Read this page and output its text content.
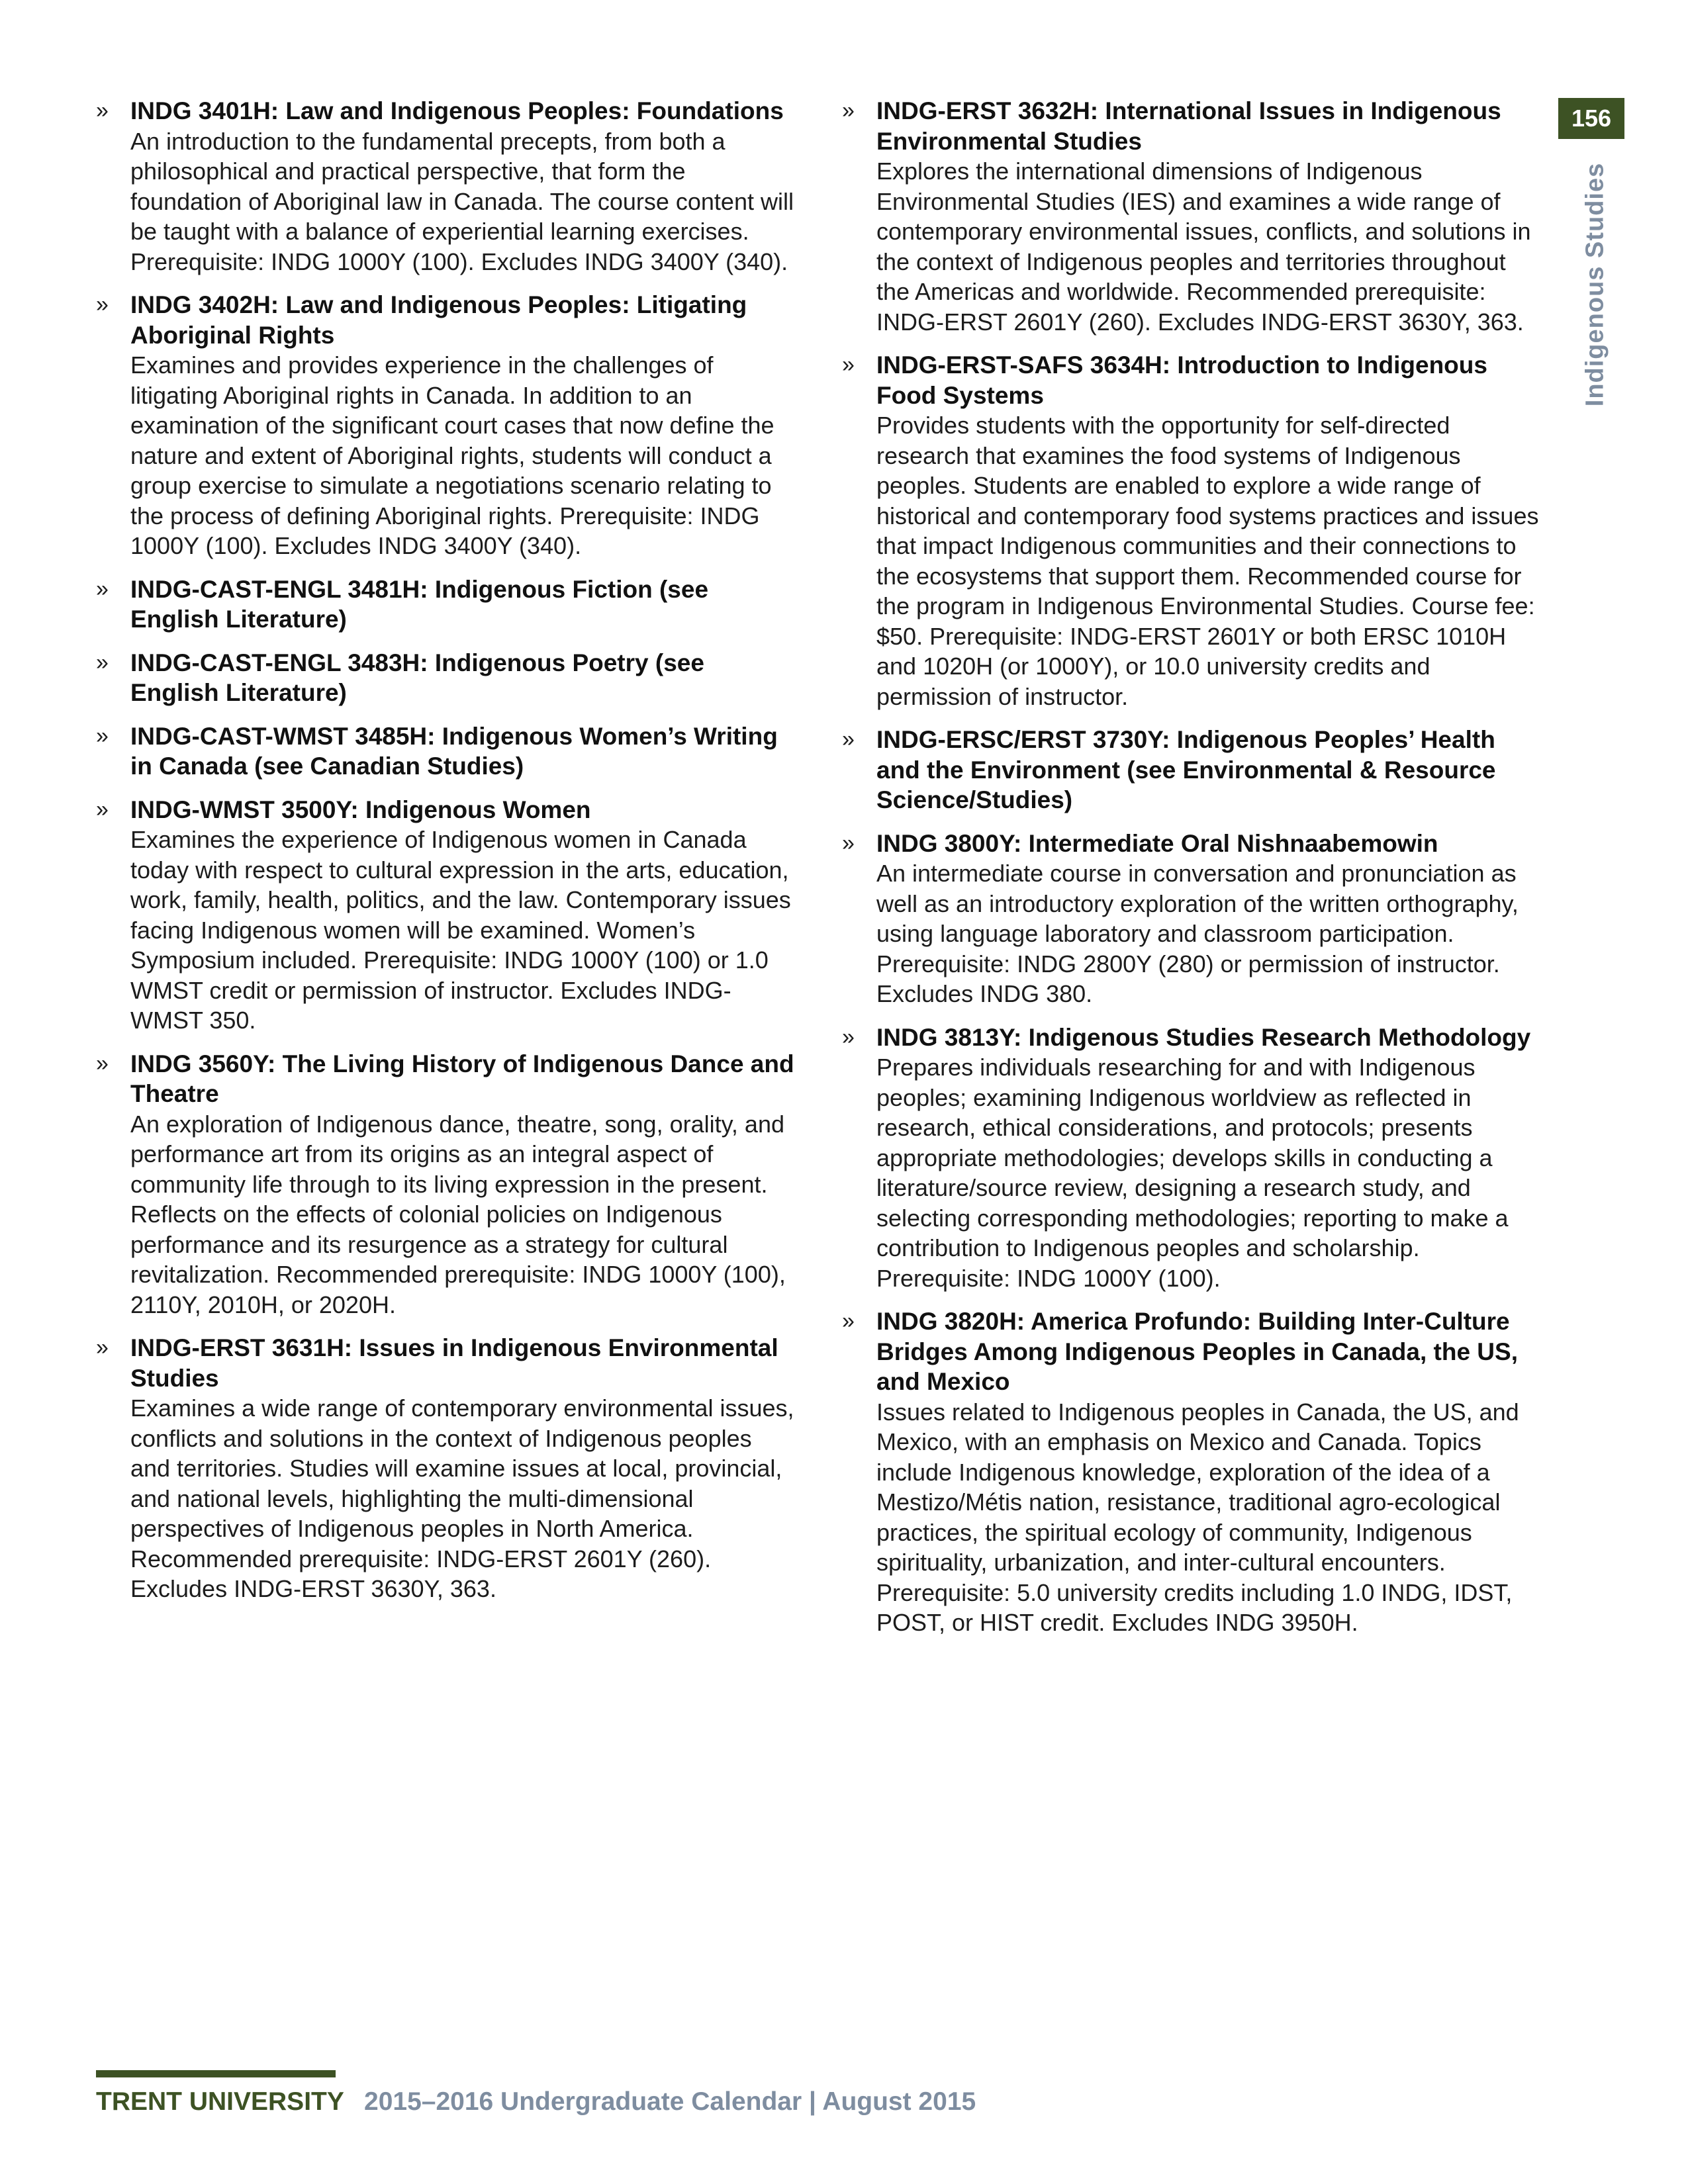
» INDG 3401H: Law and Indigenous Peoples: Foundations
An introduction to the fundamental precepts, from both a philosophical and practical perspective, that form the foundation of Aboriginal law in Canada. The course content will be taught with a balance of experiential learning exercises. Prerequisite: INDG 1000Y (100). Excludes INDG 3400Y (340).
» INDG 3402H: Law and Indigenous Peoples: Litigating Aboriginal Rights
Examines and provides experience in the challenges of litigating Aboriginal rights in Canada. In addition to an examination of the significant court cases that now define the nature and extent of Aboriginal rights, students will conduct a group exercise to simulate a negotiations scenario relating to the process of defining Aboriginal rights. Prerequisite: INDG 1000Y (100). Excludes INDG 3400Y (340).
» INDG-CAST-ENGL 3481H: Indigenous Fiction (see English Literature)
» INDG-CAST-ENGL 3483H: Indigenous Poetry (see English Literature)
» INDG-CAST-WMST 3485H: Indigenous Women’s Writing in Canada (see Canadian Studies)
» INDG-WMST 3500Y: Indigenous Women
Examines the experience of Indigenous women in Canada today with respect to cultural expression in the arts, education, work, family, health, politics, and the law. Contemporary issues facing Indigenous women will be examined. Women’s Symposium included. Prerequisite: INDG 1000Y (100) or 1.0 WMST credit or permission of instructor. Excludes INDG-WMST 350.
» INDG 3560Y: The Living History of Indigenous Dance and Theatre
An exploration of Indigenous dance, theatre, song, orality, and performance art from its origins as an integral aspect of community life through to its living expression in the present. Reflects on the effects of colonial policies on Indigenous performance and its resurgence as a strategy for cultural revitalization. Recommended prerequisite: INDG 1000Y (100), 2110Y, 2010H, or 2020H.
» INDG-ERST 3631H: Issues in Indigenous Environmental Studies
Examines a wide range of contemporary environmental issues, conflicts and solutions in the context of Indigenous peoples and territories. Studies will examine issues at local, provincial, and national levels, highlighting the multi-dimensional perspectives of Indigenous peoples in North America. Recommended prerequisite: INDG-ERST 2601Y (260). Excludes INDG-ERST 3630Y, 363.
» INDG-ERST 3632H: International Issues in Indigenous Environmental Studies
Explores the international dimensions of Indigenous Environmental Studies (IES) and examines a wide range of contemporary environmental issues, conflicts, and solutions in the context of Indigenous peoples and territories throughout the Americas and worldwide. Recommended prerequisite: INDG-ERST 2601Y (260). Excludes INDG-ERST 3630Y, 363.
» INDG-ERST-SAFS 3634H: Introduction to Indigenous Food Systems
Provides students with the opportunity for self-directed research that examines the food systems of Indigenous peoples. Students are enabled to explore a wide range of historical and contemporary food systems practices and issues that impact Indigenous communities and their connections to the ecosystems that support them. Recommended course for the program in Indigenous Environmental Studies. Course fee: $50. Prerequisite: INDG-ERST 2601Y or both ERSC 1010H and 1020H (or 1000Y), or 10.0 university credits and permission of instructor.
» INDG-ERSC/ERST 3730Y: Indigenous Peoples’ Health and the Environment (see Environmental & Resource Science/Studies)
» INDG 3800Y: Intermediate Oral Nishnaabemowin
An intermediate course in conversation and pronunciation as well as an introductory exploration of the written orthography, using language laboratory and classroom participation. Prerequisite: INDG 2800Y (280) or permission of instructor. Excludes INDG 380.
» INDG 3813Y: Indigenous Studies Research Methodology
Prepares individuals researching for and with Indigenous peoples; examining Indigenous worldview as reflected in research, ethical considerations, and protocols; presents appropriate methodologies; develops skills in conducting a literature/source review, designing a research study, and selecting corresponding methodologies; reporting to make a contribution to Indigenous peoples and scholarship. Prerequisite: INDG 1000Y (100).
» INDG 3820H: America Profundo: Building Inter-Culture Bridges Among Indigenous Peoples in Canada, the US, and Mexico
Issues related to Indigenous peoples in Canada, the US, and Mexico, with an emphasis on Mexico and Canada. Topics include Indigenous knowledge, exploration of the idea of a Mestizo/Métis nation, resistance, traditional agro-ecological practices, the spiritual ecology of community, Indigenous spirituality, urbanization, and inter-cultural encounters. Prerequisite: 5.0 university credits including 1.0 INDG, IDST, POST, or HIST credit. Excludes INDG 3950H.
156
Indigenous Studies
TRENT UNIVERSITY 2015–2016 Undergraduate Calendar | August 2015
